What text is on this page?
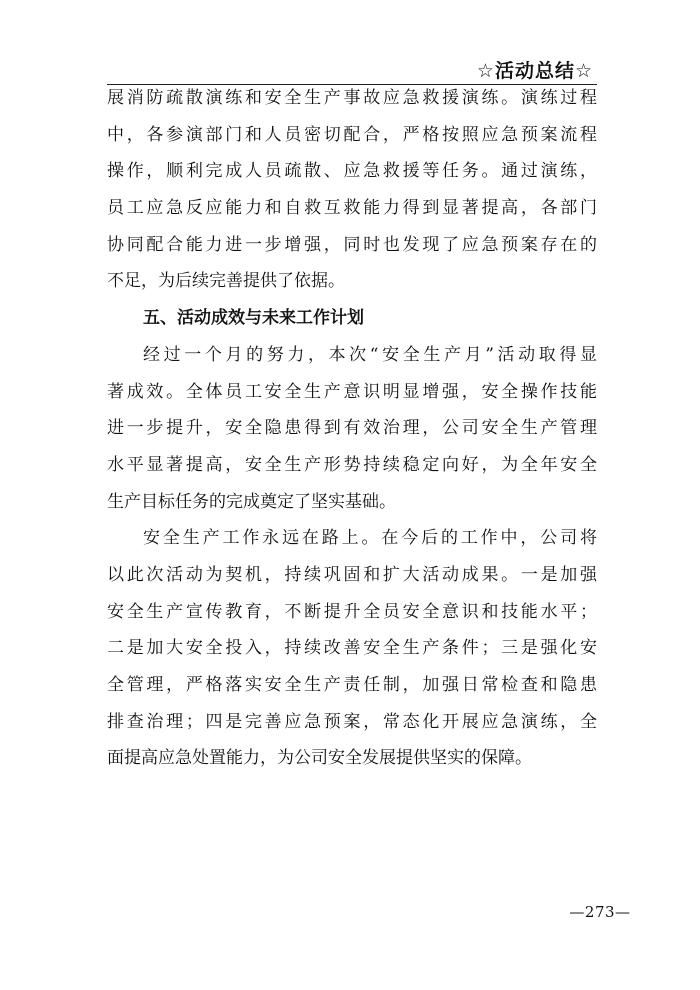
☆活动总结☆
展消防疏散演练和安全生产事故应急救援演练。演练过程
中，各参演部门和人员密切配合，严格按照应急预案流程
操作，顺利完成人员疏散、应急救援等任务。通过演练，
员工应急反应能力和自救互救能力得到显著提高，各部门
协同配合能力进一步增强，同时也发现了应急预案存在的
不足，为后续完善提供了依据。
五、活动成效与未来工作计划
经过一个月的努力，本次“安全生产月”活动取得显
著成效。全体员工安全生产意识明显增强，安全操作技能
进一步提升，安全隐患得到有效治理，公司安全生产管理
水平显著提高，安全生产形势持续稳定向好，为全年安全
生产目标任务的完成奠定了坚实基础。
安全生产工作永远在路上。在今后的工作中，公司将
以此次活动为契机，持续巩固和扩大活动成果。一是加强
安全生产宣传教育，不断提升全员安全意识和技能水平；
二是加大安全投入，持续改善安全生产条件；三是强化安
全管理，严格落实安全生产责任制，加强日常检查和隐患
排查治理；四是完善应急预案，常态化开展应急演练，全
面提高应急处置能力，为公司安全发展提供坚实的保障。
—273—
